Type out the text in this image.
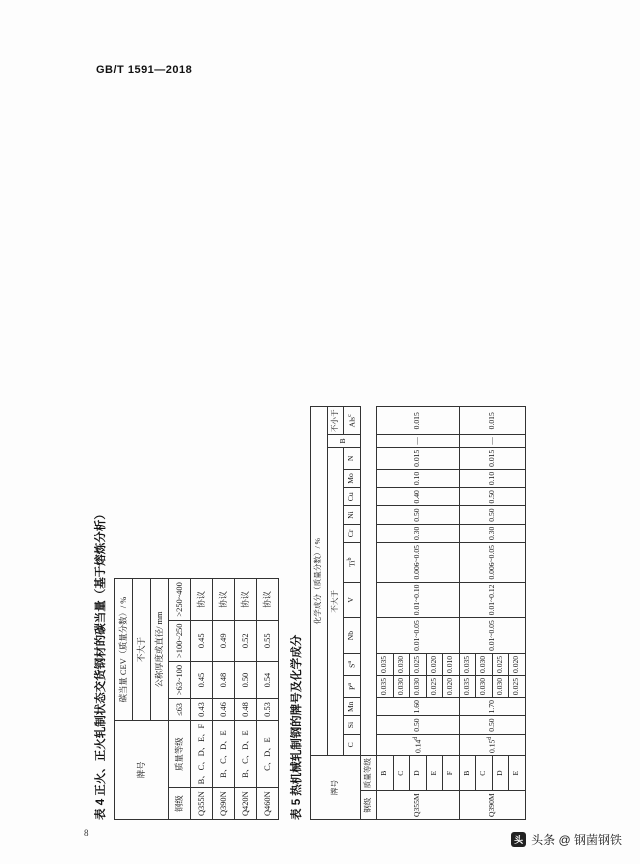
GB/T 1591—2018
8
表 4 正火、正火轧制状态交货钢材的碳当量（基于熔炼分析）	牌号		碳当量 CEV（质量分数）/ %			
		不大于			
		公称厚度或直径/ mm			
钢级	质量等级	≤63	>63~100	>100~250	>250~400
Q355N	B、C、D、E、F	0.43	0.45	0.45	协议
Q390N	B、C、D、E	0.46	0.48	0.49	协议
Q420N	B、C、D、E	0.48	0.50	0.52	协议
Q460N	C、D、E	0.53	0.54	0.55	协议
表 5 热机械轧制钢的牌号及化学成分	牌号		化学成分（质量分数）/ %														
		不大于													B	不小于
		C	Si	Mn	$P^a$	$S^a$	Nb	V	Ti$^b$	Cr	Ni	Cu	Mo	N		Als$^c$
钢级	质量等级															
Q355M	B	0.14$^d$	0.50	1.60	0.035	0.035	0.01~0.05	0.01~0.10	0.006~0.05	0.30	0.50	0.40	0.10	0.015	—	0.015
	C				0.030	0.030										
	D				0.030	0.025										
	E				0.025	0.020										
	F				0.020	0.010										
Q390M	B	0.15$^d$	0.50	1.70	0.035	0.035	0.01~0.05	0.01~0.12	0.006~0.05	0.30	0.50	0.50	0.10	0.015	—	0.015
	C				0.030	0.030										
	D				0.030	0.025										
	E				0.025	0.020										
头 头条 @ 钢菌钢铁
